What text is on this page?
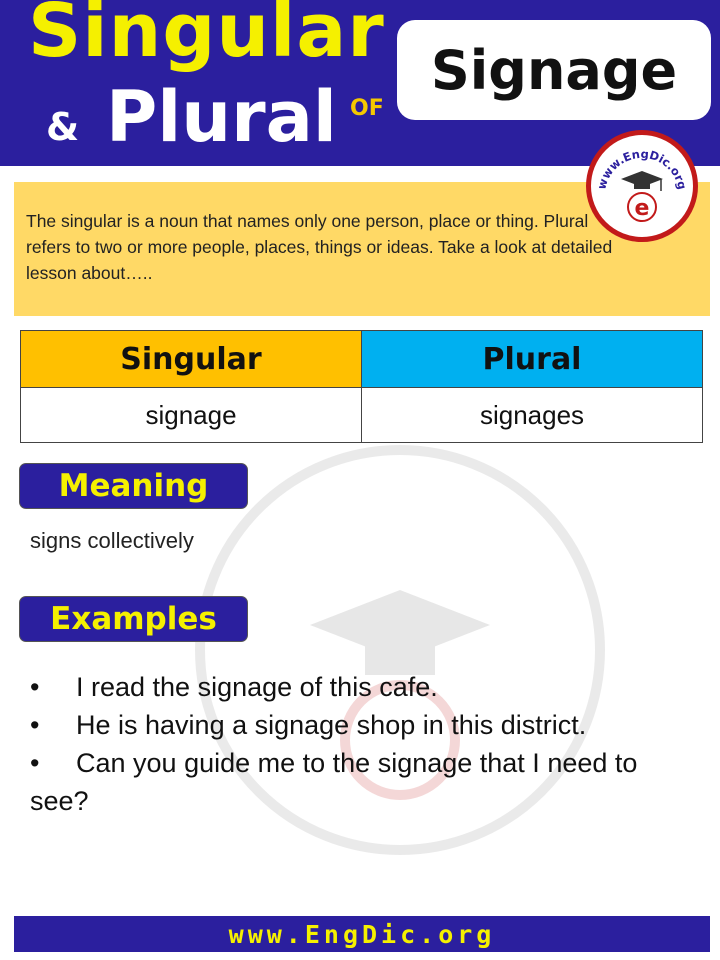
Singular
& Plural OF
Signage

The singular is a noun that names only one person, place or thing. Plural refers to two or more people, places, things or ideas. Take a look at detailed lesson about…..

www.EngDic.org
e
Singular	Plural
signage	signages
Meaning
signs collectively
Examples
• I read the signage of this cafe.
• He is having a signage shop in this district.
• Can you guide me to the signage that I need to see?
www.EngDic.org
